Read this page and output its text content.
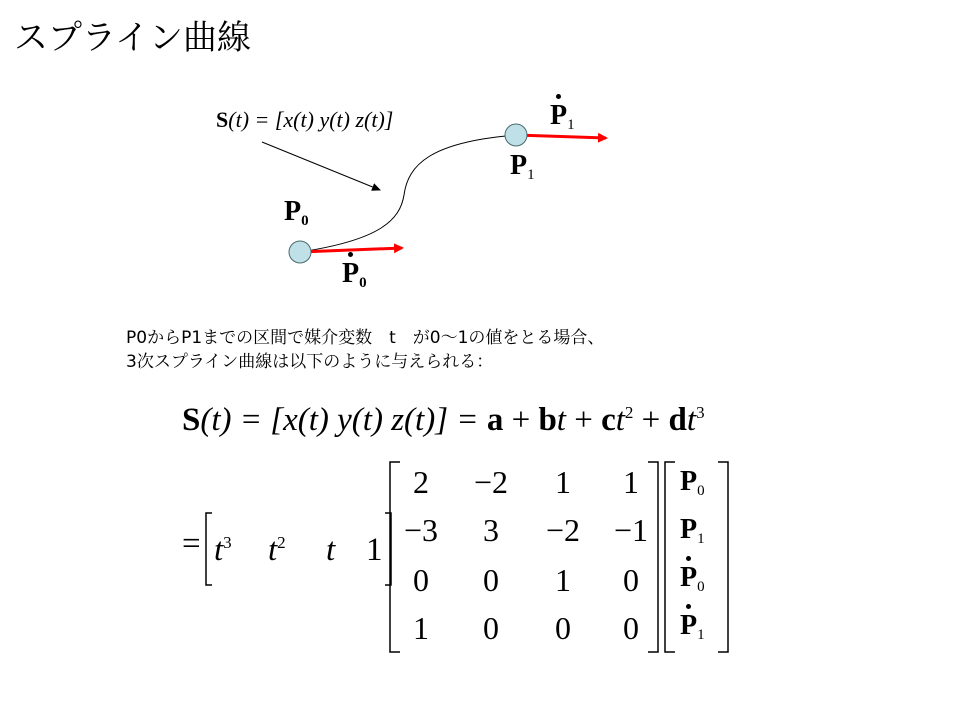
スプライン曲線
S(t) = [x(t) y(t) z(t)]
$P_0$
$P_1$
$P_0$
$P_1$
P0からP1までの区間で媒介変数　t　が0～1の値をとる場合、
3次スプライン曲線は以下のように与えられる：
S(t) = [x(t) y(t) z(t)] = a + bt + $ct^2 + dt^3$
= $t^3$ $t^2$ t 1
2	−2	1	1
−3	3	−2	−1
0	0	1	0
1	0	0	0
$P_0$
$P_1$
$P_0$
$P_1$
